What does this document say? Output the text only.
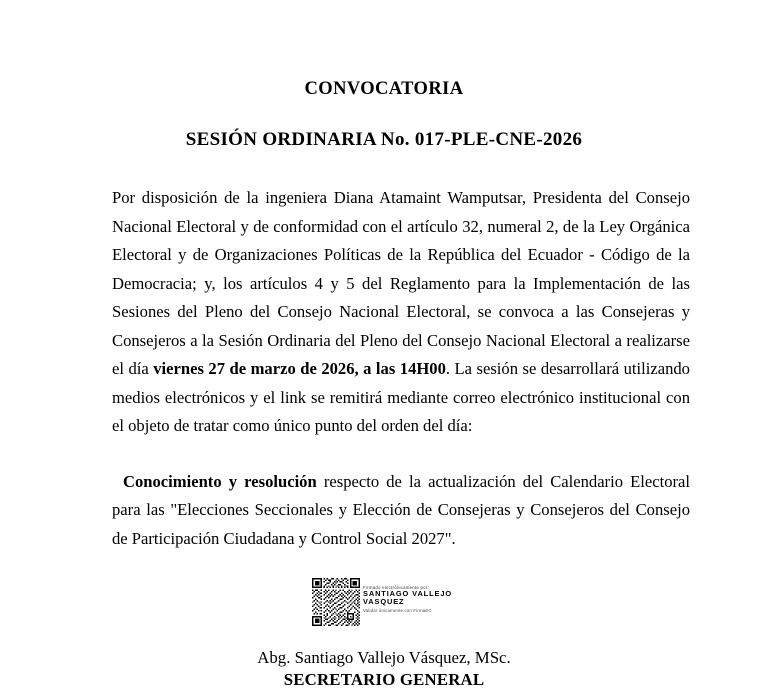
CONVOCATORIA
SESIÓN ORDINARIA No. 017-PLE-CNE-2026

Por disposición de la ingeniera Diana Atamaint Wamputsar, Presidenta del Consejo Nacional Electoral y de conformidad con el artículo 32, numeral 2, de la Ley Orgánica Electoral y de Organizaciones Políticas de la República del Ecuador - Código de la Democracia; y, los artículos 4 y 5 del Reglamento para la Implementación de las Sesiones del Pleno del Consejo Nacional Electoral, se convoca a las Consejeras y Consejeros a la Sesión Ordinaria del Pleno del Consejo Nacional Electoral a realizarse el día viernes 27 de marzo de 2026, a las 14H00. La sesión se desarrollará utilizando medios electrónicos y el link se remitirá mediante correo electrónico institucional con el objeto de tratar como único punto del orden del día:

Conocimiento y resolución respecto de la actualización del Calendario Electoral para las "Elecciones Seccionales y Elección de Consejeras y Consejeros del Consejo de Participación Ciudadana y Control Social 2027".

Firmado electrónicamente por:
SANTIAGO VALLEJO
VASQUEZ
Validar únicamente con FirmaEC
Abg. Santiago Vallejo Vásquez, MSc.
SECRETARIO GENERAL
